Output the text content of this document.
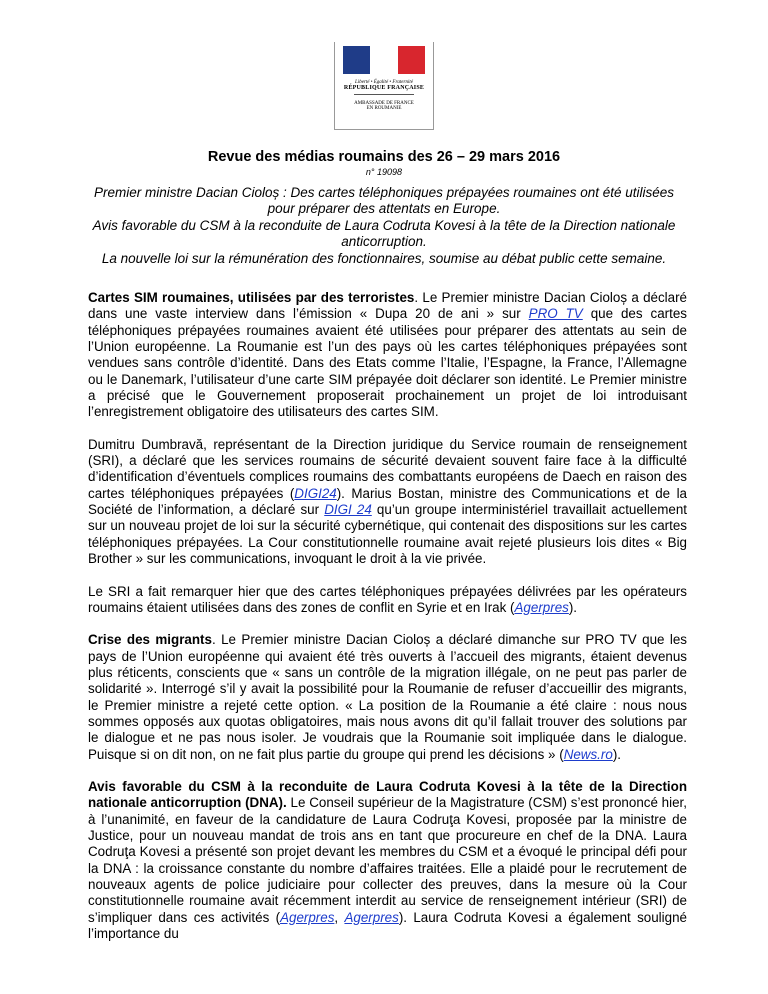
Liberté • Égalité • Fraternité
RÉPUBLIQUE FRANÇAISE
AMBASSADE DE FRANCE
EN ROUMANIE
Revue des médias roumains des 26 – 29 mars 2016
n° 19098

Premier ministre Dacian Cioloș : Des cartes téléphoniques prépayées roumaines ont été utilisées pour préparer des attentats en Europe.

Avis favorable du CSM à la reconduite de Laura Codruta Kovesi à la tête de la Direction nationale anticorruption.

La nouvelle loi sur la rémunération des fonctionnaires, soumise au débat public cette semaine.

Cartes SIM roumaines, utilisées par des terroristes. Le Premier ministre Dacian Cioloș a déclaré dans une vaste interview dans l’émission « Dupa 20 de ani » sur PRO TV que des cartes téléphoniques prépayées roumaines avaient été utilisées pour préparer des attentats au sein de l’Union européenne. La Roumanie est l’un des pays où les cartes téléphoniques prépayées sont vendues sans contrôle d’identité. Dans des Etats comme l’Italie, l’Espagne, la France, l’Allemagne ou le Danemark, l’utilisateur d’une carte SIM prépayée doit déclarer son identité. Le Premier ministre a précisé que le Gouvernement proposerait prochainement un projet de loi introduisant l’enregistrement obligatoire des utilisateurs des cartes SIM.

Dumitru Dumbravă, représentant de la Direction juridique du Service roumain de renseignement (SRI), a déclaré que les services roumains de sécurité devaient souvent faire face à la difficulté d’identification d’éventuels complices roumains des combattants européens de Daech en raison des cartes téléphoniques prépayées (DIGI24). Marius Bostan, ministre des Communications et de la Société de l’information, a déclaré sur DIGI 24 qu’un groupe interministériel travaillait actuellement sur un nouveau projet de loi sur la sécurité cybernétique, qui contenait des dispositions sur les cartes téléphoniques prépayées. La Cour constitutionnelle roumaine avait rejeté plusieurs lois dites « Big Brother » sur les communications, invoquant le droit à la vie privée.

Le SRI a fait remarquer hier que des cartes téléphoniques prépayées délivrées par les opérateurs roumains étaient utilisées dans des zones de conflit en Syrie et en Irak (Agerpres).

Crise des migrants. Le Premier ministre Dacian Cioloș a déclaré dimanche sur PRO TV que les pays de l’Union européenne qui avaient été très ouverts à l’accueil des migrants, étaient devenus plus réticents, conscients que « sans un contrôle de la migration illégale, on ne peut pas parler de solidarité ». Interrogé s’il y avait la possibilité pour la Roumanie de refuser d’accueillir des migrants, le Premier ministre a rejeté cette option. « La position de la Roumanie a été claire : nous nous sommes opposés aux quotas obligatoires, mais nous avons dit qu’il fallait trouver des solutions par le dialogue et ne pas nous isoler. Je voudrais que la Roumanie soit impliquée dans le dialogue. Puisque si on dit non, on ne fait plus partie du groupe qui prend les décisions » (News.ro).

Avis favorable du CSM à la reconduite de Laura Codruta Kovesi à la tête de la Direction nationale anticorruption (DNA). Le Conseil supérieur de la Magistrature (CSM) s’est prononcé hier, à l’unanimité, en faveur de la candidature de Laura Codruţa Kovesi, proposée par la ministre de Justice, pour un nouveau mandat de trois ans en tant que procureure en chef de la DNA. Laura Codruţa Kovesi a présenté son projet devant les membres du CSM et a évoqué le principal défi pour la DNA : la croissance constante du nombre d’affaires traitées. Elle a plaidé pour le recrutement de nouveaux agents de police judiciaire pour collecter des preuves, dans la mesure où la Cour constitutionnelle roumaine avait récemment interdit au service de renseignement intérieur (SRI) de s’impliquer dans ces activités (Agerpres, Agerpres). Laura Codruta Kovesi a également souligné l’importance du
